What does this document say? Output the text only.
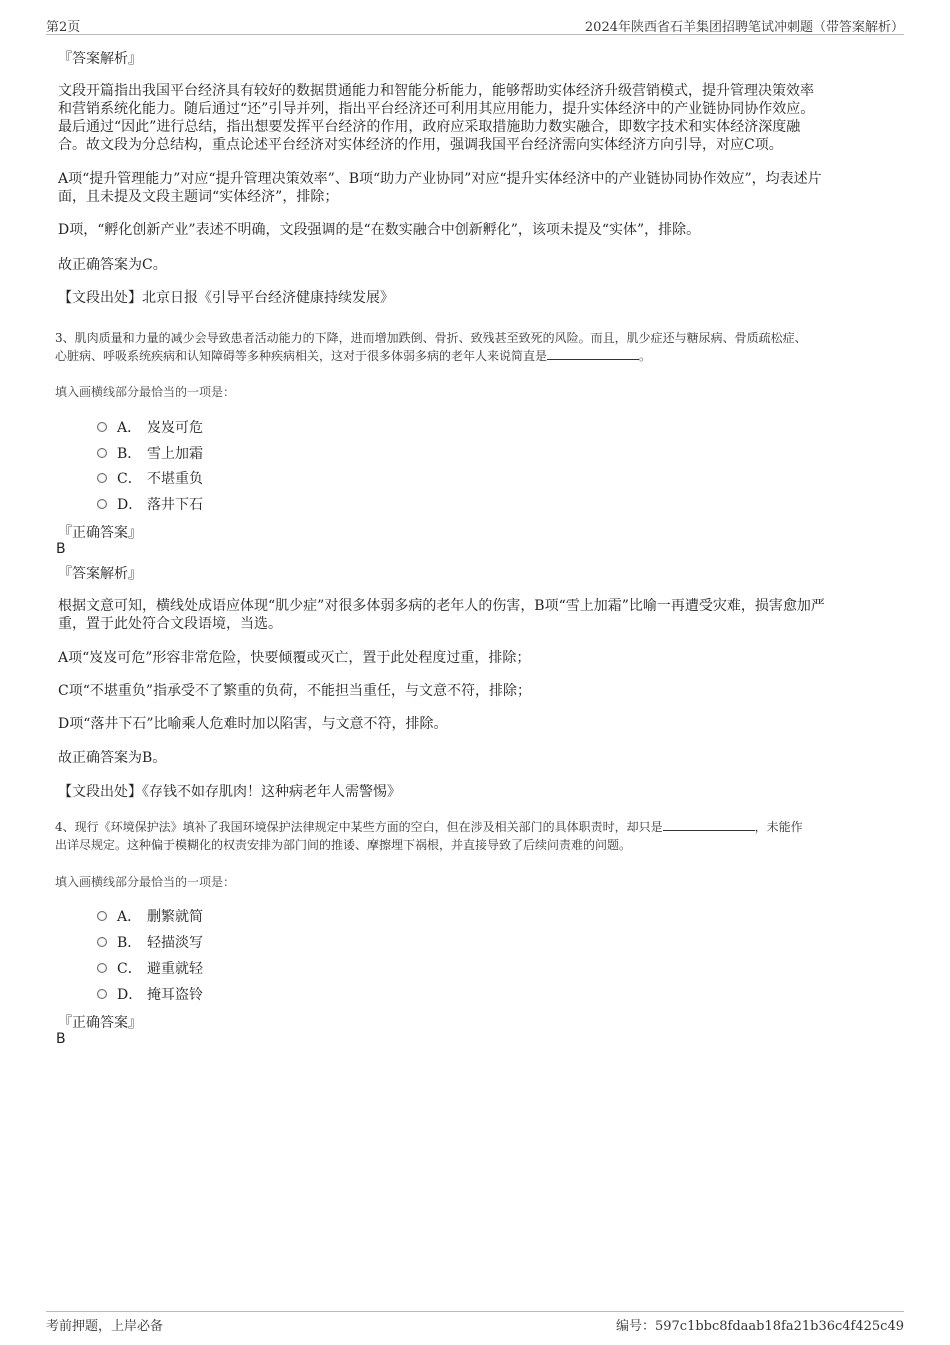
第2页	2024年陕西省石羊集团招聘笔试冲刺题（带答案解析）
『答案解析』
文段开篇指出我国平台经济具有较好的数据贯通能力和智能分析能力，能够帮助实体经济升级营销模式，提升管理决策效率
和营销系统化能力。随后通过“还”引导并列，指出平台经济还可利用其应用能力，提升实体经济中的产业链协同协作效应。
最后通过“因此”进行总结，指出想要发挥平台经济的作用，政府应采取措施助力数实融合，即数字技术和实体经济深度融
合。故文段为分总结构，重点论述平台经济对实体经济的作用，强调我国平台经济需向实体经济方向引导，对应C项。
A项“提升管理能力”对应“提升管理决策效率”、B项“助力产业协同”对应“提升实体经济中的产业链协同协作效应”，均表述片
面，且未提及文段主题词“实体经济”，排除；
D项，“孵化创新产业”表述不明确，文段强调的是“在数实融合中创新孵化”，该项未提及“实体”，排除。
故正确答案为C。
【文段出处】北京日报《引导平台经济健康持续发展》
3、肌肉质量和力量的减少会导致患者活动能力的下降，进而增加跌倒、骨折、致残甚至致死的风险。而且，肌少症还与糖尿病、骨质疏松症、
心脏病、呼吸系统疾病和认知障碍等多种疾病相关，这对于很多体弱多病的老年人来说简直是	。
填入画横线部分最恰当的一项是：
A． 岌岌可危
B． 雪上加霜
C． 不堪重负
D． 落井下石
『正确答案』
B
『答案解析』
根据文意可知，横线处成语应体现“肌少症”对很多体弱多病的老年人的伤害，B项“雪上加霜”比喻一再遭受灾难，损害愈加严
重，置于此处符合文段语境，当选。
A项“岌岌可危”形容非常危险，快要倾覆或灭亡，置于此处程度过重，排除；
C项“不堪重负”指承受不了繁重的负荷，不能担当重任，与文意不符，排除；
D项“落井下石”比喻乘人危难时加以陷害，与文意不符，排除。
故正确答案为B。
【文段出处】《存钱不如存肌肉！这种病老年人需警惕》
4、现行《环境保护法》填补了我国环境保护法律规定中某些方面的空白，但在涉及相关部门的具体职责时，却只是	，未能作
出详尽规定。这种偏于模糊化的权责安排为部门间的推诿、摩擦埋下祸根，并直接导致了后续问责难的问题。
填入画横线部分最恰当的一项是：
A． 删繁就简
B． 轻描淡写
C． 避重就轻
D． 掩耳盗铃
『正确答案』
B
考前押题，上岸必备	编号：597c1bbc8fdaab18fa21b36c4f425c49
